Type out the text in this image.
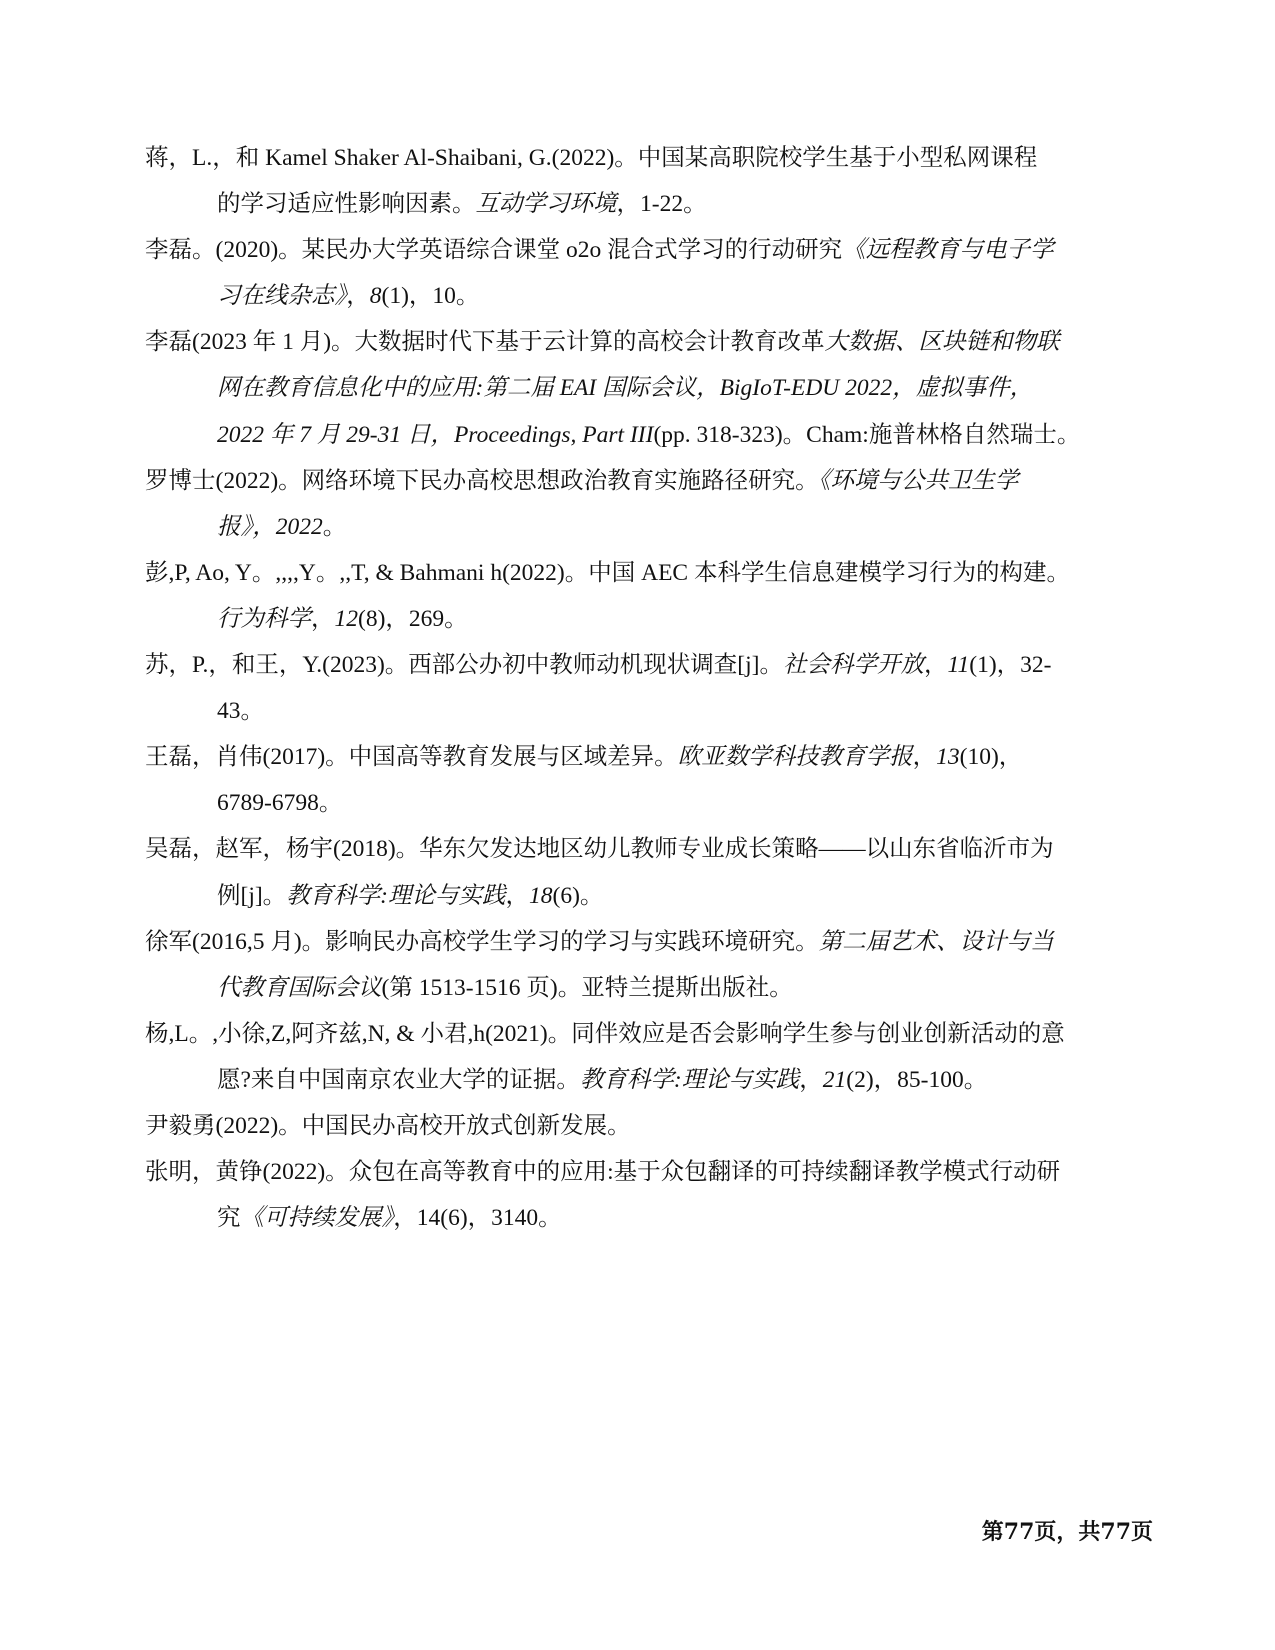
蒋，L.，和 Kamel Shaker Al-Shaibani, G.(2022)。中国某高职院校学生基于小型私网课程
的学习适应性影响因素。互动学习环境，1-22。
李磊。(2020)。某民办大学英语综合课堂 o2o 混合式学习的行动研究《远程教育与电子学
习在线杂志》，8(1)，10。
李磊(2023 年 1 月)。大数据时代下基于云计算的高校会计教育改革大数据、区块链和物联
网在教育信息化中的应用:第二届 EAI 国际会议，BigIoT-EDU 2022，虚拟事件，
2022 年 7 月 29-31 日，Proceedings, Part III(pp. 318-323)。Cham:施普林格自然瑞士。
罗博士(2022)。网络环境下民办高校思想政治教育实施路径研究。《环境与公共卫生学
报》，2022。
彭,P, Ao, Y。,,,,Y。,,T, & Bahmani h(2022)。中国 AEC 本科学生信息建模学习行为的构建。
行为科学，12(8)，269。
苏，P.，和王，Y.(2023)。西部公办初中教师动机现状调查[j]。社会科学开放，11(1)，32-
43。
王磊，肖伟(2017)。中国高等教育发展与区域差异。欧亚数学科技教育学报，13(10)，
6789-6798。
吴磊，赵军，杨宇(2018)。华东欠发达地区幼儿教师专业成长策略——以山东省临沂市为
例[j]。教育科学:理论与实践，18(6)。
徐军(2016,5 月)。影响民办高校学生学习的学习与实践环境研究。第二届艺术、设计与当
代教育国际会议(第 1513-1516 页)。亚特兰提斯出版社。
杨,L。,小徐,Z,阿齐兹,N, & 小君,h(2021)。同伴效应是否会影响学生参与创业创新活动的意
愿?来自中国南京农业大学的证据。教育科学:理论与实践，21(2)，85-100。
尹毅勇(2022)。中国民办高校开放式创新发展。
张明，黄铮(2022)。众包在高等教育中的应用:基于众包翻译的可持续翻译教学模式行动研
究《可持续发展》，14(6)，3140。
第77页，共77页
